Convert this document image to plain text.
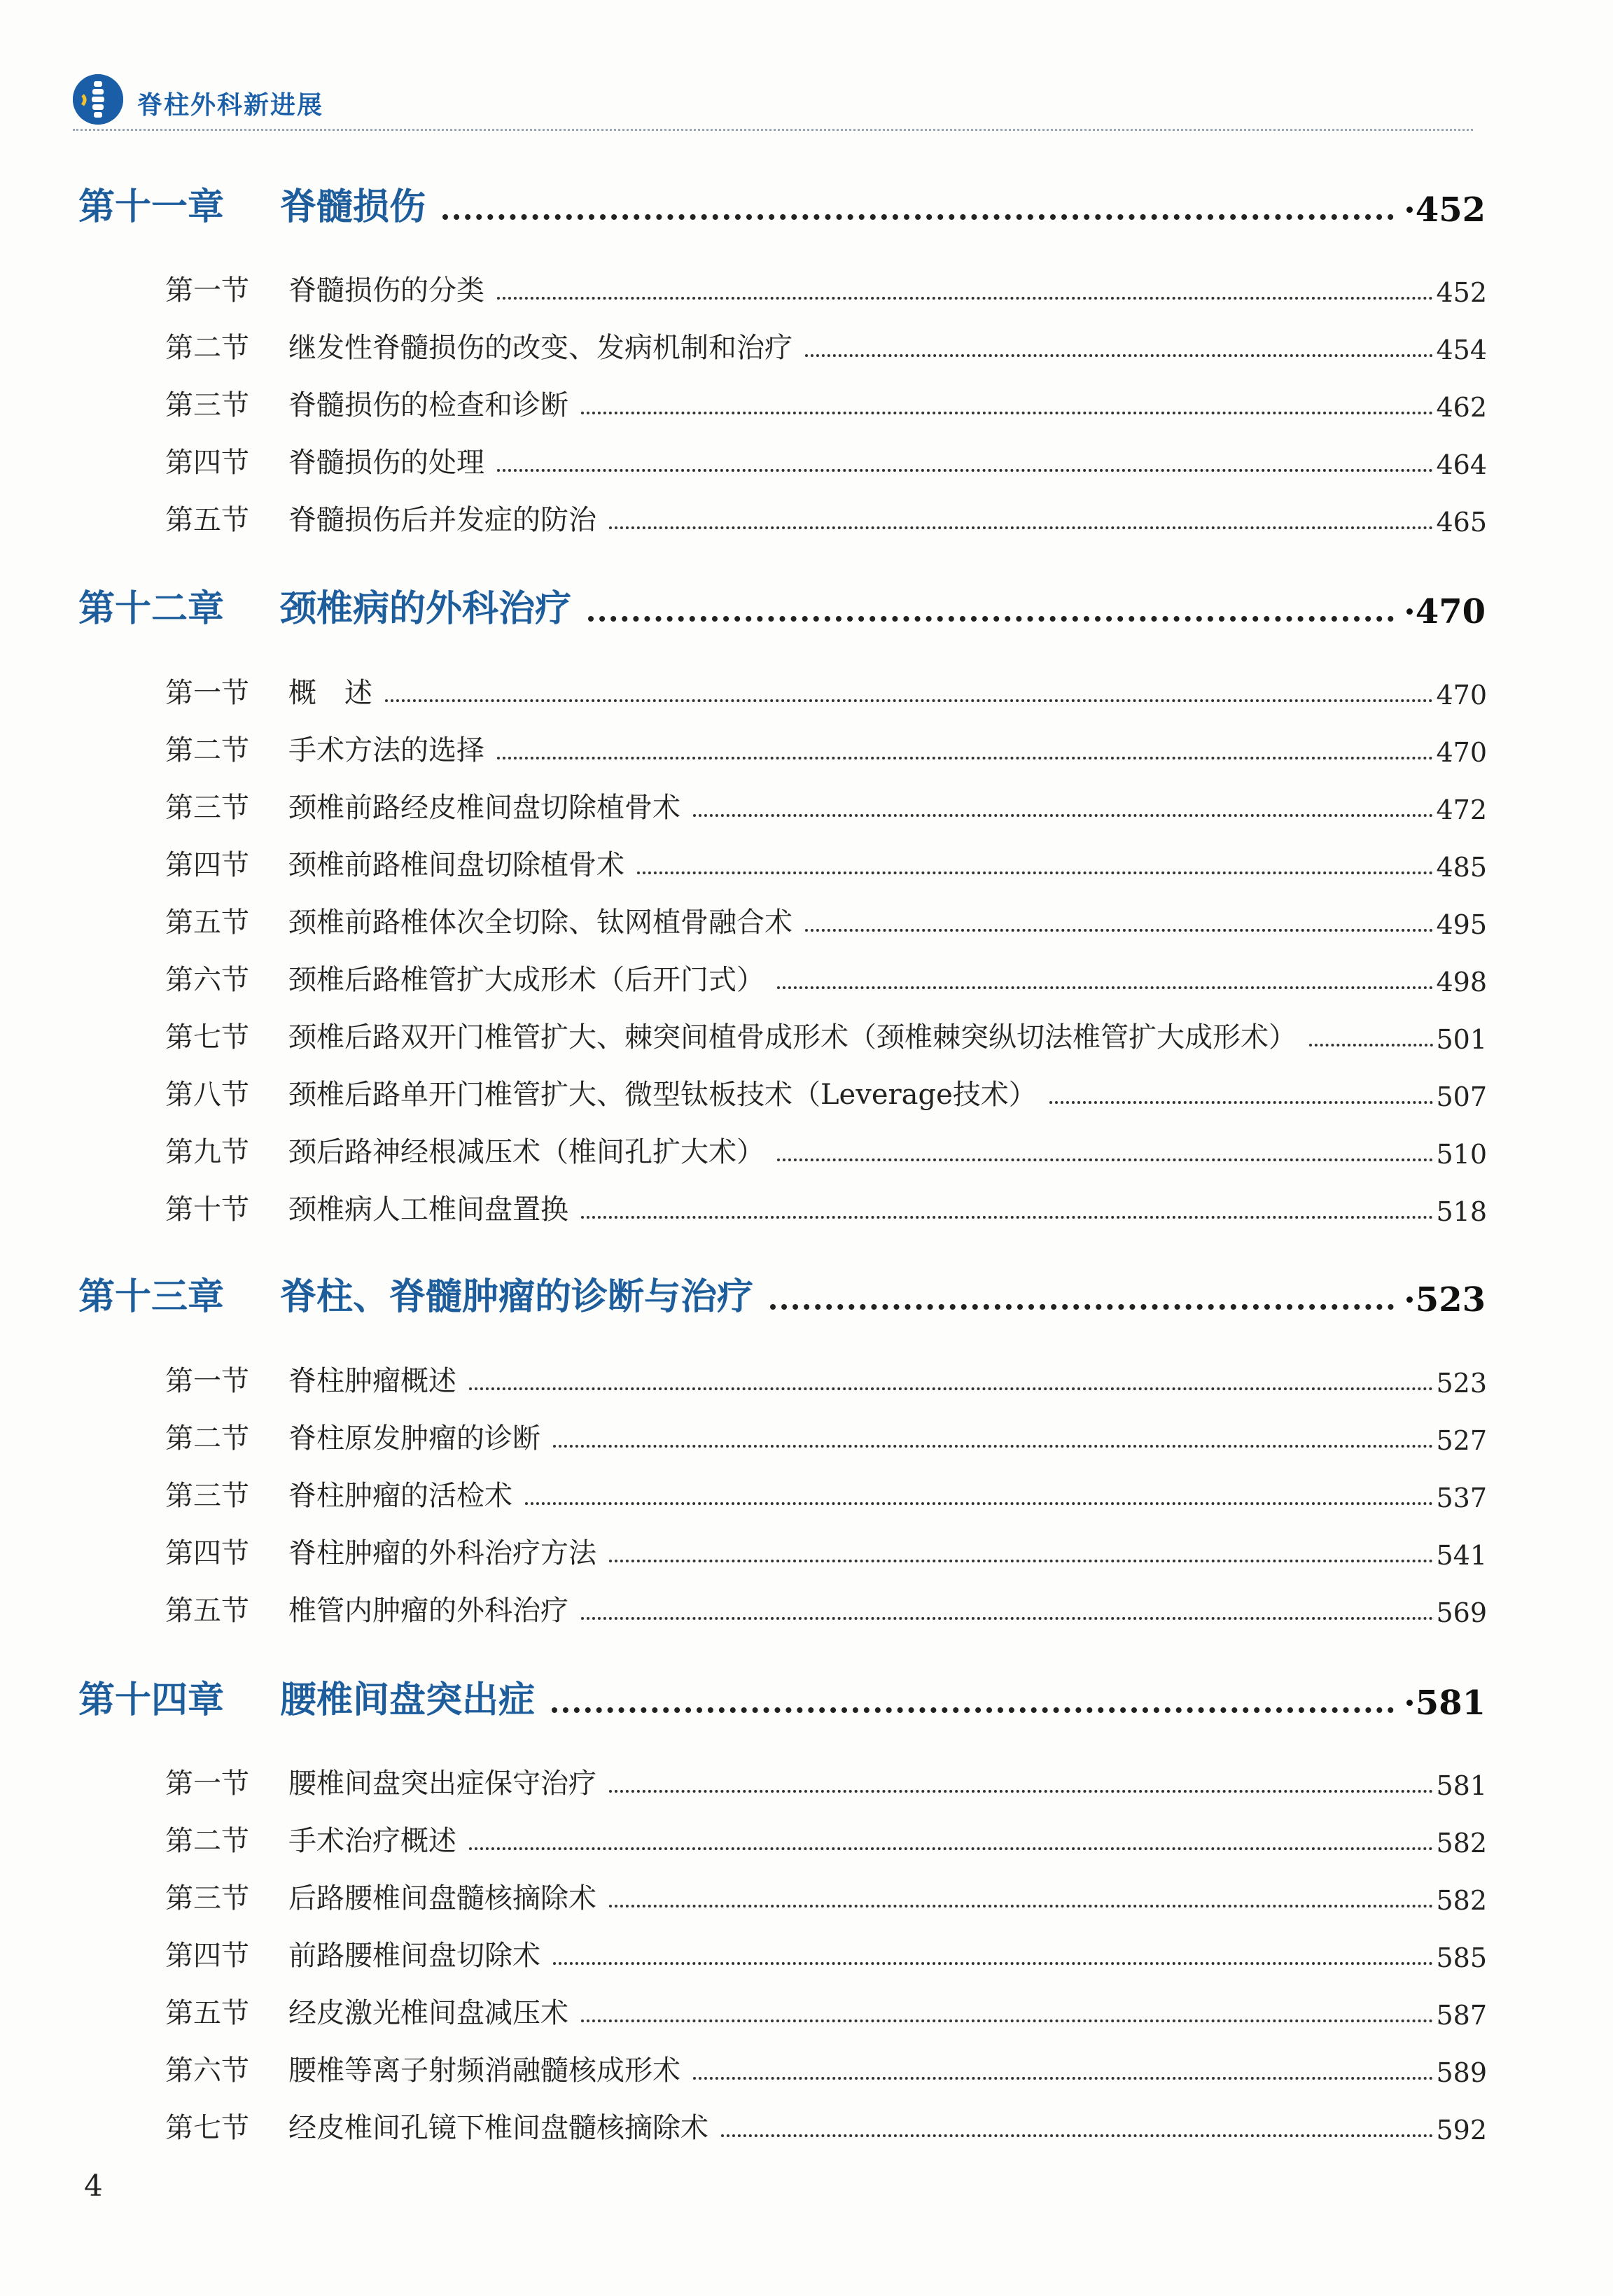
脊柱外科新进展
第十一章	脊髓损伤	·452
第一节	脊髓损伤的分类	452
第二节	继发性脊髓损伤的改变、发病机制和治疗	454
第三节	脊髓损伤的检查和诊断	462
第四节	脊髓损伤的处理	464
第五节	脊髓损伤后并发症的防治	465
第十二章	颈椎病的外科治疗	·470
第一节	概　述	470
第二节	手术方法的选择	470
第三节	颈椎前路经皮椎间盘切除植骨术	472
第四节	颈椎前路椎间盘切除植骨术	485
第五节	颈椎前路椎体次全切除、钛网植骨融合术	495
第六节	颈椎后路椎管扩大成形术（后开门式）	498
第七节	颈椎后路双开门椎管扩大、棘突间植骨成形术（颈椎棘突纵切法椎管扩大成形术）	501
第八节	颈椎后路单开门椎管扩大、微型钛板技术（Leverage技术）	507
第九节	颈后路神经根减压术（椎间孔扩大术）	510
第十节	颈椎病人工椎间盘置换	518
第十三章	脊柱、脊髓肿瘤的诊断与治疗	·523
第一节	脊柱肿瘤概述	523
第二节	脊柱原发肿瘤的诊断	527
第三节	脊柱肿瘤的活检术	537
第四节	脊柱肿瘤的外科治疗方法	541
第五节	椎管内肿瘤的外科治疗	569
第十四章	腰椎间盘突出症	·581
第一节	腰椎间盘突出症保守治疗	581
第二节	手术治疗概述	582
第三节	后路腰椎间盘髓核摘除术	582
第四节	前路腰椎间盘切除术	585
第五节	经皮激光椎间盘减压术	587
第六节	腰椎等离子射频消融髓核成形术	589
第七节	经皮椎间孔镜下椎间盘髓核摘除术	592
4
